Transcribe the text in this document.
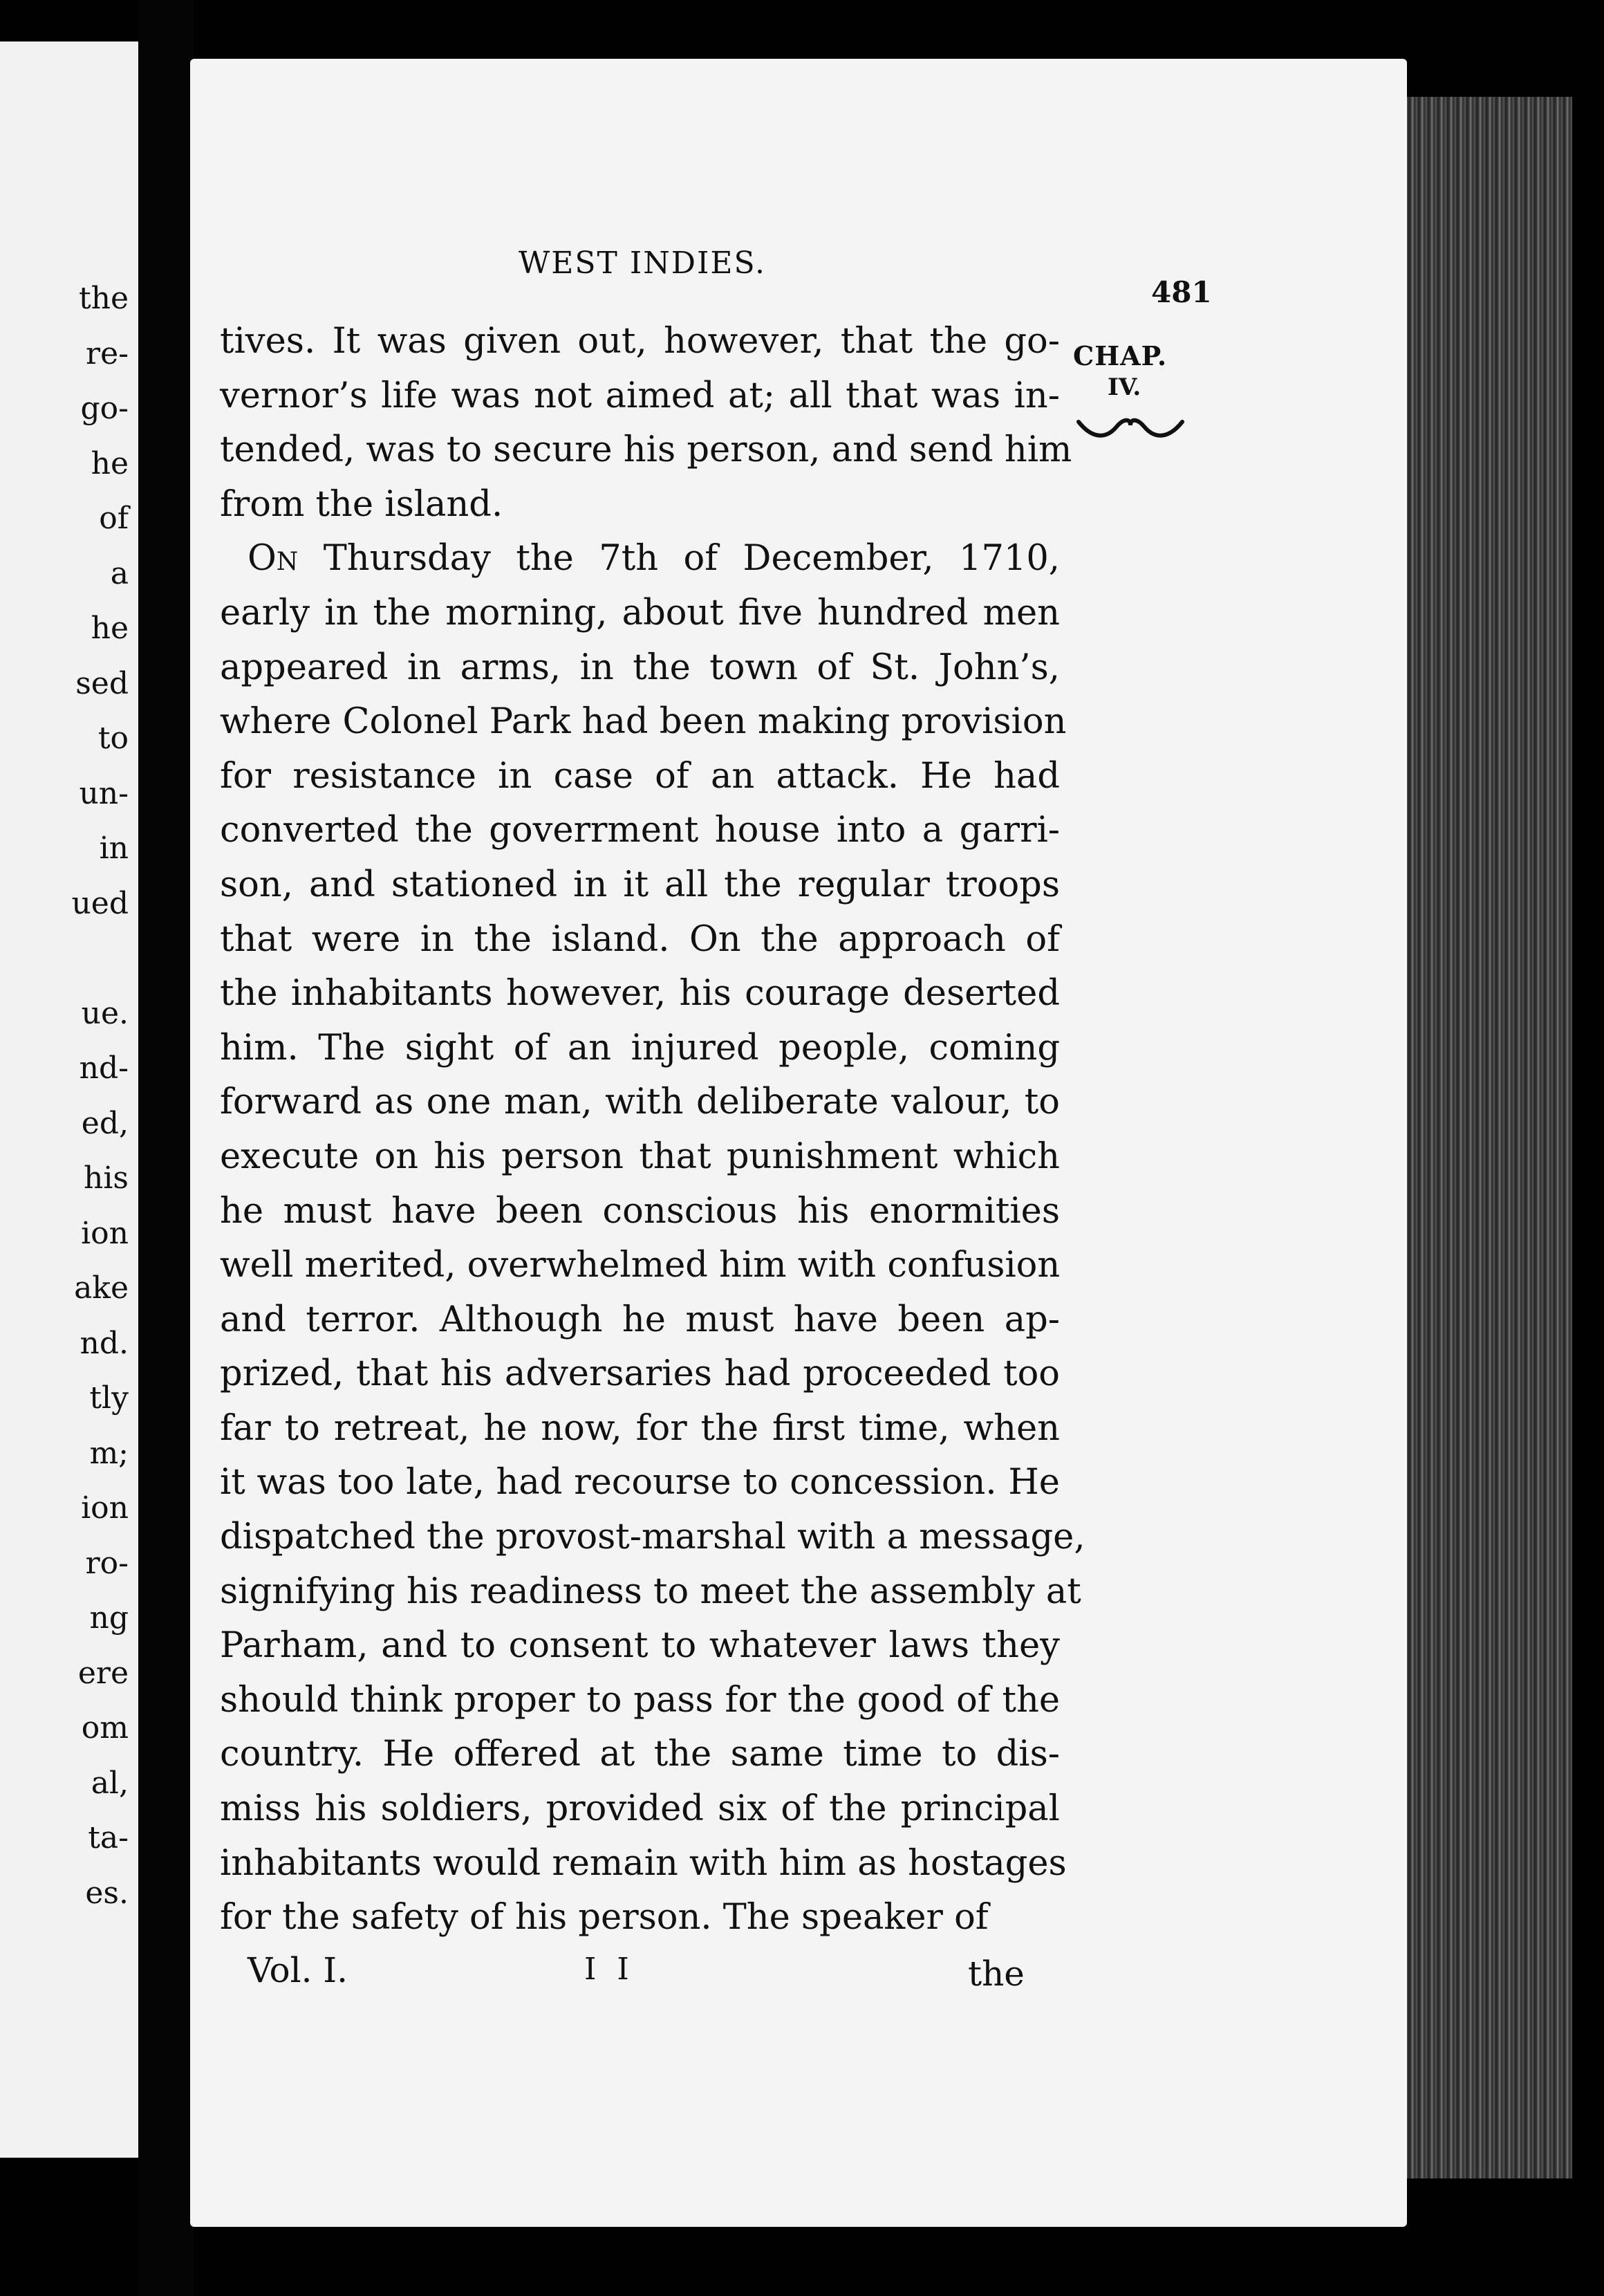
the
re-
go-
he
of
a
he
sed
to
un-
in
ued
ue.
nd-
ed,
his
ion
ake
nd.
tly
m;
ion
ro-
ng
ere
om
al,
ta-
es.
WEST INDIES.
481
CHAP.
IV.
tives. It was given out, however, that the go-
vernor’s life was not aimed at; all that was in-
tended, was to secure his person, and send him
from the island.
On Thursday the 7th of December, 1710,
early in the morning, about five hundred men
appeared in arms, in the town of St. John’s,
where Colonel Park had been making provision
for resistance in case of an attack. He had
converted the goverrment house into a garri-
son, and stationed in it all the regular troops
that were in the island. On the approach of
the inhabitants however, his courage deserted
him. The sight of an injured people, coming
forward as one man, with deliberate valour, to
execute on his person that punishment which
he must have been conscious his enormities
well merited, overwhelmed him with confusion
and terror. Although he must have been ap-
prized, that his adversaries had proceeded too
far to retreat, he now, for the first time, when
it was too late, had recourse to concession. He
dispatched the provost-marshal with a message,
signifying his readiness to meet the assembly at
Parham, and to consent to whatever laws they
should think proper to pass for the good of the
country. He offered at the same time to dis-
miss his soldiers, provided six of the principal
inhabitants would remain with him as hostages
for the safety of his person. The speaker of
Vol. I.	I I	the
